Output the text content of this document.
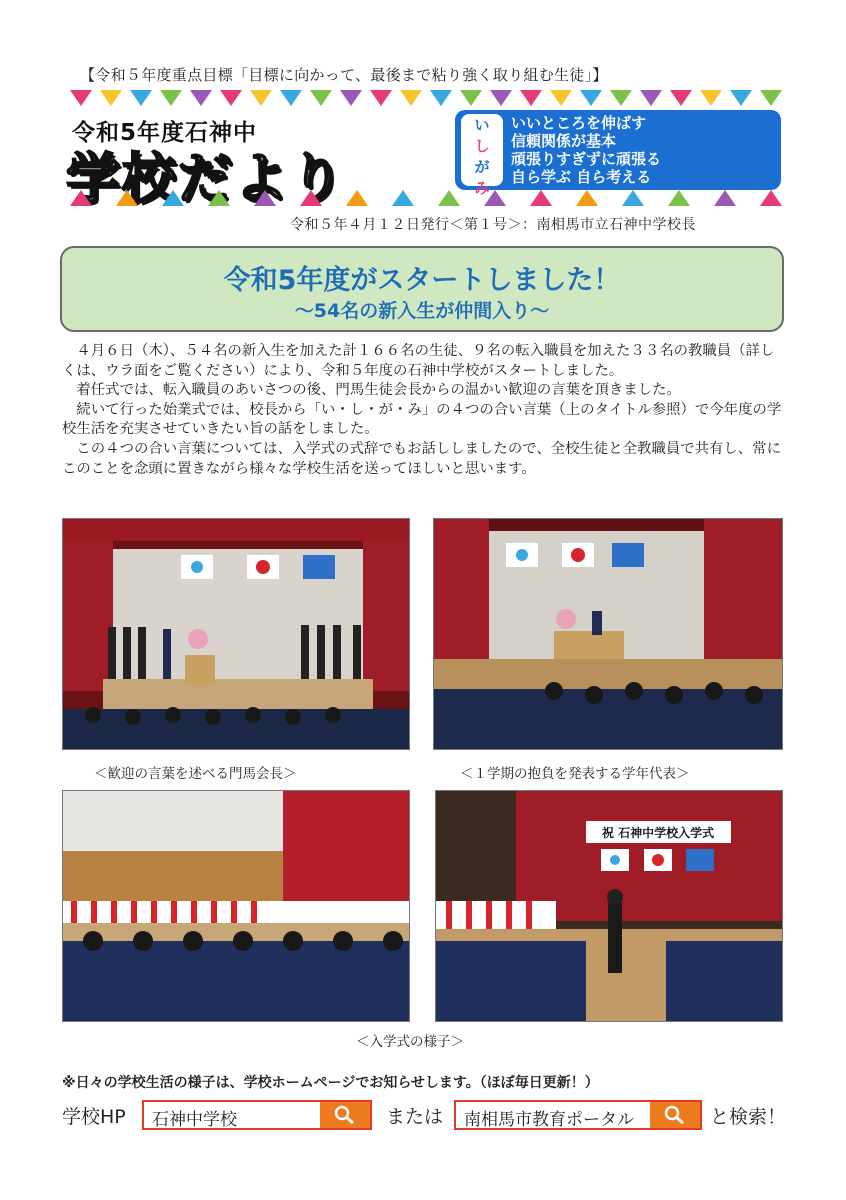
【令和５年度重点目標「目標に向かって、最後まで粘り強く取り組む生徒」】
令和5年度石神中
学校だより
い
し
が
み
いいところを伸ばす
信頼関係が基本
頑張りすぎずに頑張る
自ら学ぶ 自ら考える
令和５年４月１２日発行＜第１号＞：南相馬市立石神中学校長
令和5年度がスタートしました！
～54名の新入生が仲間入り～

４月６日（木）、５４名の新入生を加えた計１６６名の生徒、９名の転入職員を加えた３３名の教職員（詳しくは、ウラ面をご覧ください）により、令和５年度の石神中学校がスタートしました。

着任式では、転入職員のあいさつの後、門馬生徒会長からの温かい歓迎の言葉を頂きました。

続いて行った始業式では、校長から「い・し・が・み」の４つの合い言葉（上のタイトル参照）で今年度の学校生活を充実させていきたい旨の話をしました。

この４つの合い言葉については、入学式の式辞でもお話ししましたので、全校生徒と全教職員で共有し、常にこのことを念頭に置きながら様々な学校生活を送ってほしいと思います。

＜歓迎の言葉を述べる門馬会長＞	＜１学期の抱負を発表する学年代表＞
祝 石神中学校入学式
＜入学式の様子＞
※日々の学校生活の様子は、学校ホームページでお知らせします。（ほぼ毎日更新！）
学校HP 石神中学校	または 南相馬市教育ポータル	と検索！
